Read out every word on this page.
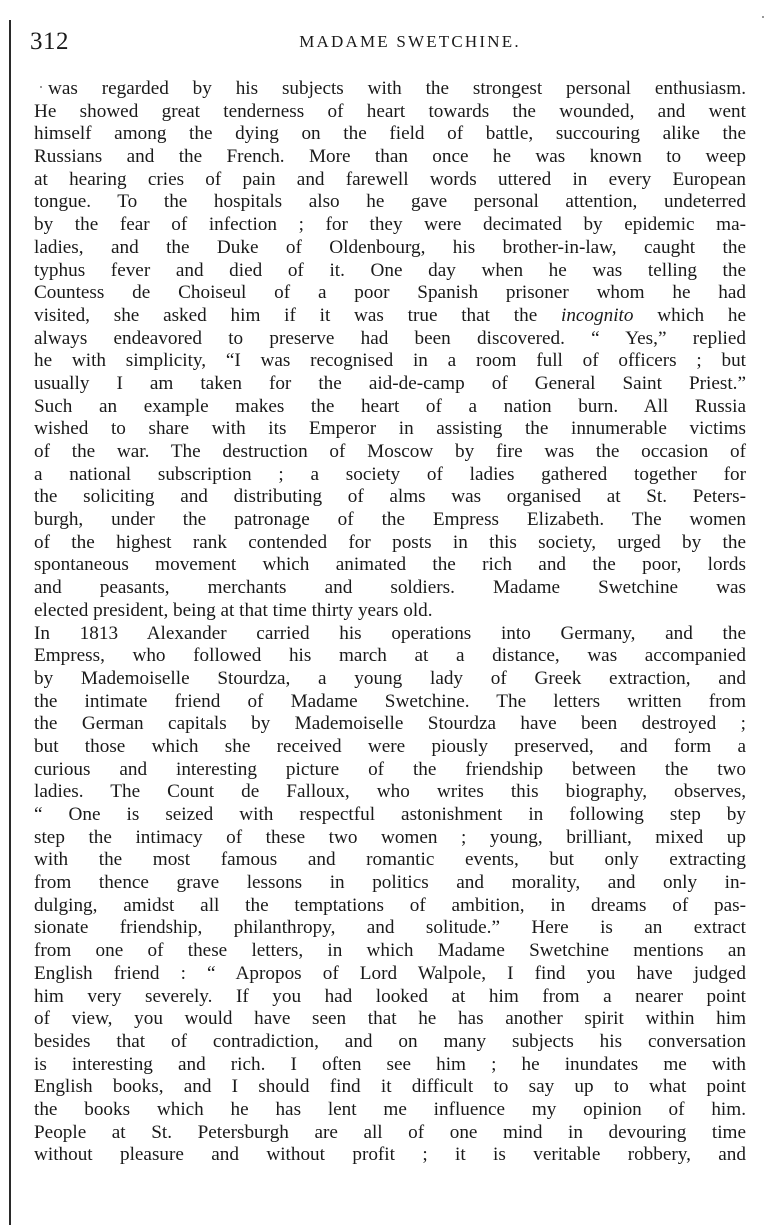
312	MADAME SWETCHINE.
was regarded by his subjects with the strongest personal enthusiasm.
He showed great tenderness of heart towards the wounded, and went
himself among the dying on the field of battle, succouring alike the
Russians and the French. More than once he was known to weep
at hearing cries of pain and farewell words uttered in every European
tongue. To the hospitals also he gave personal attention, undeterred
by the fear of infection ; for they were decimated by epidemic ma-
ladies, and the Duke of Oldenbourg, his brother-in-law, caught the
typhus fever and died of it. One day when he was telling the
Countess de Choiseul of a poor Spanish prisoner whom he had
visited, she asked him if it was true that the incognito which he
always endeavored to preserve had been discovered. “ Yes,” replied
he with simplicity, “I was recognised in a room full of officers ; but
usually I am taken for the aid-de-camp of General Saint Priest.”
Such an example makes the heart of a nation burn. All Russia
wished to share with its Emperor in assisting the innumerable victims
of the war. The destruction of Moscow by fire was the occasion of
a national subscription ; a society of ladies gathered together for
the soliciting and distributing of alms was organised at St. Peters-
burgh, under the patronage of the Empress Elizabeth. The women
of the highest rank contended for posts in this society, urged by the
spontaneous movement which animated the rich and the poor, lords
and peasants, merchants and soldiers. Madame Swetchine was
elected president, being at that time thirty years old.
In 1813 Alexander carried his operations into Germany, and the
Empress, who followed his march at a distance, was accompanied
by Mademoiselle Stourdza, a young lady of Greek extraction, and
the intimate friend of Madame Swetchine. The letters written from
the German capitals by Mademoiselle Stourdza have been destroyed ;
but those which she received were piously preserved, and form a
curious and interesting picture of the friendship between the two
ladies. The Count de Falloux, who writes this biography, observes,
“ One is seized with respectful astonishment in following step by
step the intimacy of these two women ; young, brilliant, mixed up
with the most famous and romantic events, but only extracting
from thence grave lessons in politics and morality, and only in-
dulging, amidst all the temptations of ambition, in dreams of pas-
sionate friendship, philanthropy, and solitude.” Here is an extract
from one of these letters, in which Madame Swetchine mentions an
English friend : “ Apropos of Lord Walpole, I find you have judged
him very severely. If you had looked at him from a nearer point
of view, you would have seen that he has another spirit within him
besides that of contradiction, and on many subjects his conversation
is interesting and rich. I often see him ; he inundates me with
English books, and I should find it difficult to say up to what point
the books which he has lent me influence my opinion of him.
People at St. Petersburgh are all of one mind in devouring time
without pleasure and without profit ; it is veritable robbery, and
